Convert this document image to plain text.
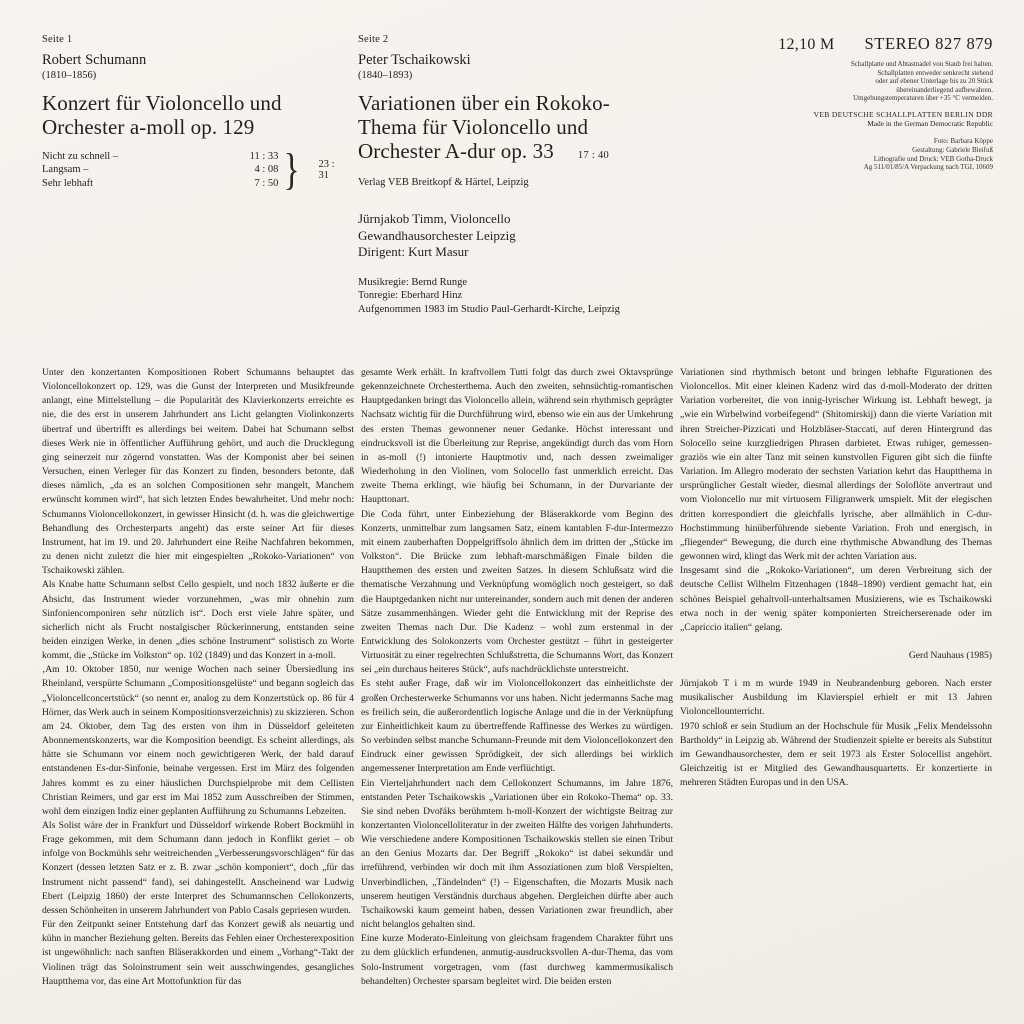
Seite 1
Robert Schumann
(1810–1856)
Konzert für Violoncello und
Orchester a-moll op. 129
Nicht zu schnell –	11 : 33
Langsam –	4 : 08
Sehr lebhaft	7 : 50 } 23 : 31
Seite 2
Peter Tschaikowski
(1840–1893)
Variationen über ein Rokoko-
Thema für Violoncello und
Orchester A-dur op. 33 17 : 40
Verlag VEB Breitkopf & Härtel, Leipzig
Jürnjakob Timm, Violoncello
Gewandhausorchester Leipzig
Dirigent: Kurt Masur
Musikregie: Bernd Runge
Tonregie: Eberhard Hinz
Aufgenommen 1983 im Studio Paul-Gerhardt-Kirche, Leipzig
12,10 M STEREO 827 879
Schallplatte und Abtastnadel von Staub frei halten.
Schallplatten entweder senkrecht stehend
oder auf ebener Unterlage bis zu 20 Stück
übereinanderliegend aufbewahren.
Umgebungstemperaturen über +35 °C vermeiden.
VEB DEUTSCHE SCHALLPLATTEN BERLIN DDR
Made in the German Democratic Republic
Foto: Barbara Köppe
Gestaltung: Gabriele Bleifuß
Lithografie und Druck: VEB Gotha-Druck
Ag 511/01/85/A Verpackung nach TGL 10609

Unter den konzertanten Kompositionen Robert Schumanns behauptet das Violoncellokonzert op. 129, was die Gunst der Interpreten und Musikfreunde anlangt, eine Mittelstellung – die Popularität des Klavierkonzerts erreichte es nie, die des erst in unserem Jahrhundert ans Licht gelangten Violinkonzerts übertraf und übertrifft es allerdings bei weitem. Dabei hat Schumann selbst dieses Werk nie in öffentlicher Aufführung gehört, und auch die Drucklegung ging seinerzeit nur zögernd vonstatten. Was der Komponist aber bei seinen Versuchen, einen Verleger für das Konzert zu finden, besonders betonte, daß dieses nämlich, „da es an solchen Compositionen sehr mangelt, Manchem erwünscht kommen wird“, hat sich letzten Endes bewahrheitet. Und mehr noch: Schumanns Violoncellokonzert, in gewisser Hinsicht (d. h. was die gleichwertige Behandlung des Orchesterparts angeht) das erste seiner Art für dieses Instrument, hat im 19. und 20. Jahrhundert eine Reihe Nachfahren bekommen, zu denen nicht zuletzt die hier mit eingespielten „Rokoko-Variationen“ von Tschaikowski zählen.

Als Knabe hatte Schumann selbst Cello gespielt, und noch 1832 äußerte er die Absicht, das Instrument wieder vorzunehmen, „was mir ohnehin zum Sinfoniencomponiren sehr nützlich ist“. Doch erst viele Jahre später, und sicherlich nicht als Frucht nostalgischer Rückerinnerung, entstanden seine beiden einzigen Werke, in denen „dies schöne Instrument“ solistisch zu Worte kommt, die „Stücke im Volkston“ op. 102 (1849) und das Konzert in a-moll.

‚Am 10. Oktober 1850, nur wenige Wochen nach seiner Übersiedlung ins Rheinland, verspürte Schumann „Compositionsgelüste“ und begann sogleich das „Violoncellconcertstück“ (so nennt er, analog zu dem Konzertstück op. 86 für 4 Hörner, das Werk auch in seinem Kompositionsverzeichnis) zu skizzieren. Schon am 24. Oktober, dem Tag des ersten von ihm in Düsseldorf geleiteten Abonnementskonzerts, war die Komposition beendigt. Es scheint allerdings, als hätte sie Schumann vor einem noch gewichtigeren Werk, der bald darauf entstandenen Es-dur-Sinfonie, beinahe vergessen. Erst im März des folgenden Jahres kommt es zu einer häuslichen Durchspielprobe mit dem Cellisten Christian Reimers, und gar erst im Mai 1852 zum Ausschreiben der Stimmen, wohl dem einzigen Indiz einer geplanten Aufführung zu Schumanns Lebzeiten.

Als Solist wäre der in Frankfurt und Düsseldorf wirkende Robert Bockmühl in Frage gekommen, mit dem Schumann dann jedoch in Konflikt geriet – ob infolge von Bockmühls sehr weitreichenden „Verbesserungsvorschlägen“ für das Konzert (dessen letzten Satz er z. B. zwar „schön komponiert“, doch „für das Instrument nicht passend“ fand), sei dahingestellt. Anscheinend war Ludwig Ebert (Leipzig 1860) der erste Interpret des Schumannschen Cellokonzerts, dessen Schönheiten in unserem Jahrhundert von Pablo Casals gepriesen wurden.

Für den Zeitpunkt seiner Entstehung darf das Konzert gewiß als neuartig und kühn in mancher Beziehung gelten. Bereits das Fehlen einer Orchesterexposition ist ungewöhnlich: nach sanften Bläserakkorden und einem „Vorhang“-Takt der Violinen trägt das Soloinstrument sein weit ausschwingendes, gesangliches Hauptthema vor, das eine Art Mottofunktion für das

gesamte Werk erhält. In kraftvollem Tutti folgt das durch zwei Oktavsprünge gekennzeichnete Orchesterthema. Auch den zweiten, sehnsüchtig-romantischen Hauptgedanken bringt das Violoncello allein, während sein rhythmisch geprägter Nachsatz wichtig für die Durchführung wird, ebenso wie ein aus der Umkehrung des ersten Themas gewonnener neuer Gedanke. Höchst interessant und eindrucksvoll ist die Überleitung zur Reprise, angekündigt durch das vom Horn in as-moll (!) intonierte Hauptmotiv und, nach dessen zweimaliger Wiederholung in den Violinen, vom Solocello fast unmerklich erreicht. Das zweite Thema erklingt, wie häufig bei Schumann, in der Durvariante der Haupttonart.

Die Coda führt, unter Einbeziehung der Bläserakkorde vom Beginn des Konzerts, unmittelbar zum langsamen Satz, einem kantablen F-dur-Intermezzo mit einem zauberhaften Doppelgriffsolo ähnlich dem im dritten der „Stücke im Volkston“. Die Brücke zum lebhaft-marschmäßigen Finale bilden die Hauptthemen des ersten und zweiten Satzes. In diesem Schlußsatz wird die thematische Verzahnung und Verknüpfung womöglich noch gesteigert, so daß die Hauptgedanken nicht nur untereinander, sondern auch mit denen der anderen Sätze zusammenhängen. Wieder geht die Entwicklung mit der Reprise des zweiten Themas nach Dur. Die Kadenz – wohl zum erstenmal in der Entwicklung des Solokonzerts vom Orchester gestützt – führt in gesteigerter Virtuosität zu einer regelrechten Schlußstretta, die Schumanns Wort, das Konzert sei „ein durchaus heiteres Stück“, aufs nachdrücklichste unterstreicht.

Es steht außer Frage, daß wir im Violoncellokonzert das einheitlichste der großen Orchesterwerke Schumanns vor uns haben. Nicht jedermanns Sache mag es freilich sein, die außerordentlich logische Anlage und die in der Verknüpfung zur Einheitlichkeit kaum zu übertreffende Raffinesse des Werkes zu würdigen. So verbinden selbst manche Schumann-Freunde mit dem Violoncellokonzert den Eindruck einer gewissen Sprödigkeit, der sich allerdings bei wirklich angemessener Interpretation am Ende verflüchtigt.

Ein Vierteljahrhundert nach dem Cellokonzert Schumanns, im Jahre 1876, entstanden Peter Tschaikowskis „Variationen über ein Rokoko-Thema“ op. 33. Sie sind neben Dvořáks berühmtem h-moll-Konzert der wichtigste Beitrag zur konzertanten Violoncelloliteratur in der zweiten Hälfte des vorigen Jahrhunderts. Wie verschiedene andere Kompositionen Tschaikowskis stellen sie einen Tribut an den Genius Mozarts dar. Der Begriff „Rokoko“ ist dabei sekundär und irreführend, verbinden wir doch mit ihm Assoziationen zum bloß Verspielten, Unverbindlichen, „Tändelnden“ (!) – Eigenschaften, die Mozarts Musik nach unserem heutigen Verständnis durchaus abgehen. Dergleichen dürfte aber auch Tschaikowski kaum gemeint haben, dessen Variationen zwar freundlich, aber nicht belanglos gehalten sind.

Eine kurze Moderato-Einleitung von gleichsam fragendem Charakter führt uns zu dem glücklich erfundenen, anmutig-ausdrucksvollen A-dur-Thema, das vom Solo-Instrument vorgetragen, vom (fast durchweg kammermusikalisch behandelten) Orchester sparsam begleitet wird. Die beiden ersten

Variationen sind rhythmisch betont und bringen lebhafte Figurationen des Violoncellos. Mit einer kleinen Kadenz wird das d-moll-Moderato der dritten Variation vorbereitet, die von innig-lyrischer Wirkung ist. Lebhaft bewegt, ja „wie ein Wirbelwind vorbeifegend“ (Shitomirskij) dann die vierte Variation mit ihren Streicher-Pizzicati und Holzbläser-Staccati, auf deren Hintergrund das Solocello seine kurzgliedrigen Phrasen darbietet. Etwas ruhiger, gemessen-graziös wie ein alter Tanz mit seinen kunstvollen Figuren gibt sich die fünfte Variation. Im Allegro moderato der sechsten Variation kehrt das Hauptthema in ursprünglicher Gestalt wieder, diesmal allerdings der Soloflöte anvertraut und vom Violoncello nur mit virtuosem Filigranwerk umspielt. Mit der elegischen dritten korrespondiert die gleichfalls lyrische, aber allmählich in C-dur-Hochstimmung hinüberführende siebente Variation. Froh und energisch, in „fliegender“ Bewegung, die durch eine rhythmische Abwandlung des Themas gewonnen wird, klingt das Werk mit der achten Variation aus.

Insgesamt sind die „Rokoko-Variationen“, um deren Verbreitung sich der deutsche Cellist Wilhelm Fitzenhagen (1848–1890) verdient gemacht hat, ein schönes Beispiel gehaltvoll-unterhaltsamen Musizierens, wie es Tschaikowski etwa noch in der wenig später komponierten Streicherserenade oder im „Capriccio italien“ gelang.

Gerd Nauhaus (1985)

Jürnjakob T i m m wurde 1949 in Neubrandenburg geboren. Nach erster musikalischer Ausbildung im Klavierspiel erhielt er mit 13 Jahren Violoncellounterricht.

1970 schloß er sein Studium an der Hochschule für Musik „Felix Mendelssohn Bartholdy“ in Leipzig ab. Während der Studienzeit spielte er bereits als Substitut im Gewandhausorchester, dem er seit 1973 als Erster Solocellist angehört. Gleichzeitig ist er Mitglied des Gewandhausquartetts. Er konzertierte in mehreren Städten Europas und in den USA.
